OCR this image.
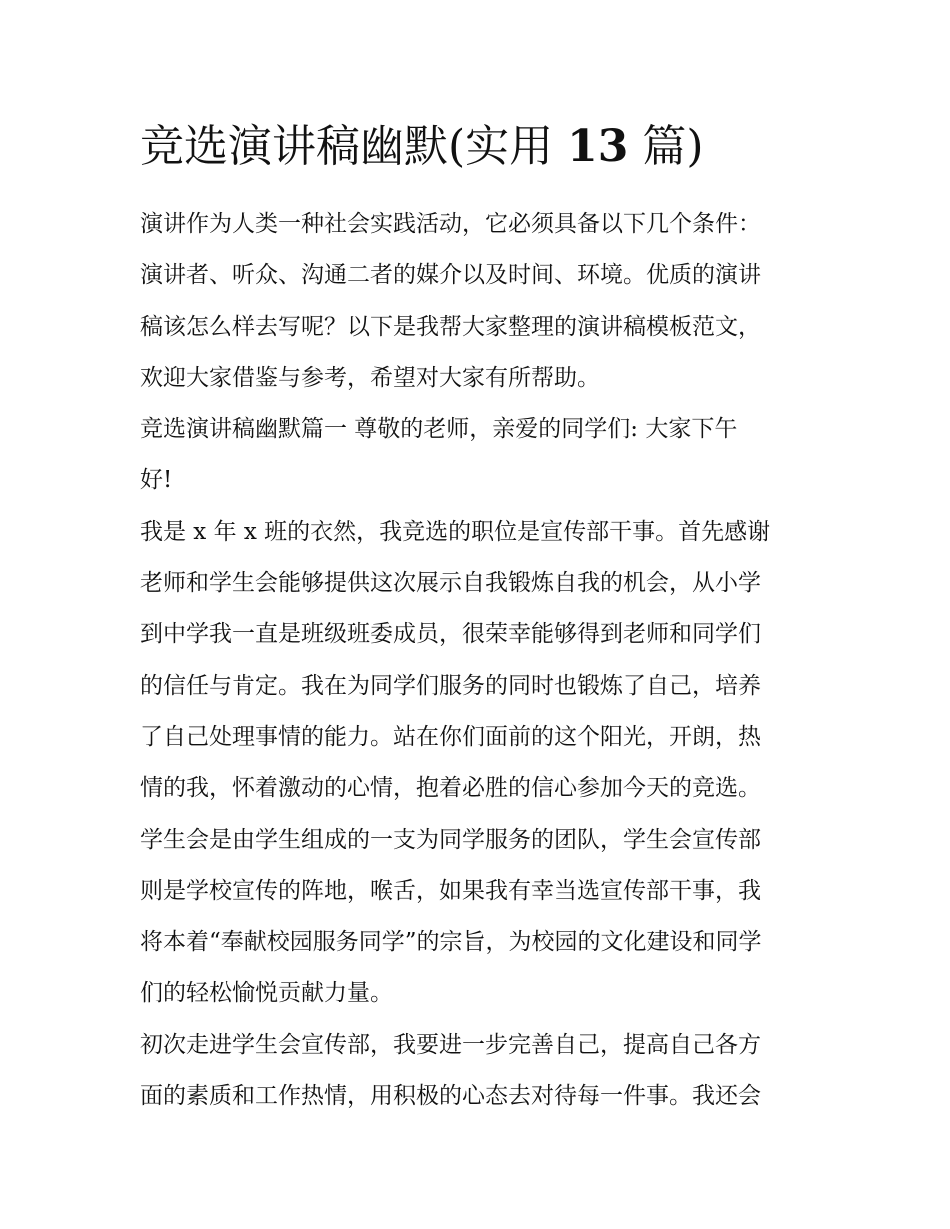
竞选演讲稿幽默(实用 13 篇)
演讲作为人类一种社会实践活动，它必须具备以下几个条件：
演讲者、听众、沟通二者的媒介以及时间、环境。优质的演讲
稿该怎么样去写呢？以下是我帮大家整理的演讲稿模板范文，
欢迎大家借鉴与参考，希望对大家有所帮助。
竞选演讲稿幽默篇一 尊敬的老师，亲爱的同学们: 大家下午
好!
我是 x 年 x 班的衣然，我竞选的职位是宣传部干事。首先感谢
老师和学生会能够提供这次展示自我锻炼自我的机会，从小学
到中学我一直是班级班委成员，很荣幸能够得到老师和同学们
的信任与肯定。我在为同学们服务的同时也锻炼了自己，培养
了自己处理事情的能力。站在你们面前的这个阳光，开朗，热
情的我，怀着激动的心情，抱着必胜的信心参加今天的竞选。
学生会是由学生组成的一支为同学服务的团队，学生会宣传部
则是学校宣传的阵地，喉舌，如果我有幸当选宣传部干事，我
将本着“奉献校园服务同学”的宗旨，为校园的文化建设和同学
们的轻松愉悦贡献力量。
初次走进学生会宣传部，我要进一步完善自己，提高自己各方
面的素质和工作热情，用积极的心态去对待每一件事。我还会
